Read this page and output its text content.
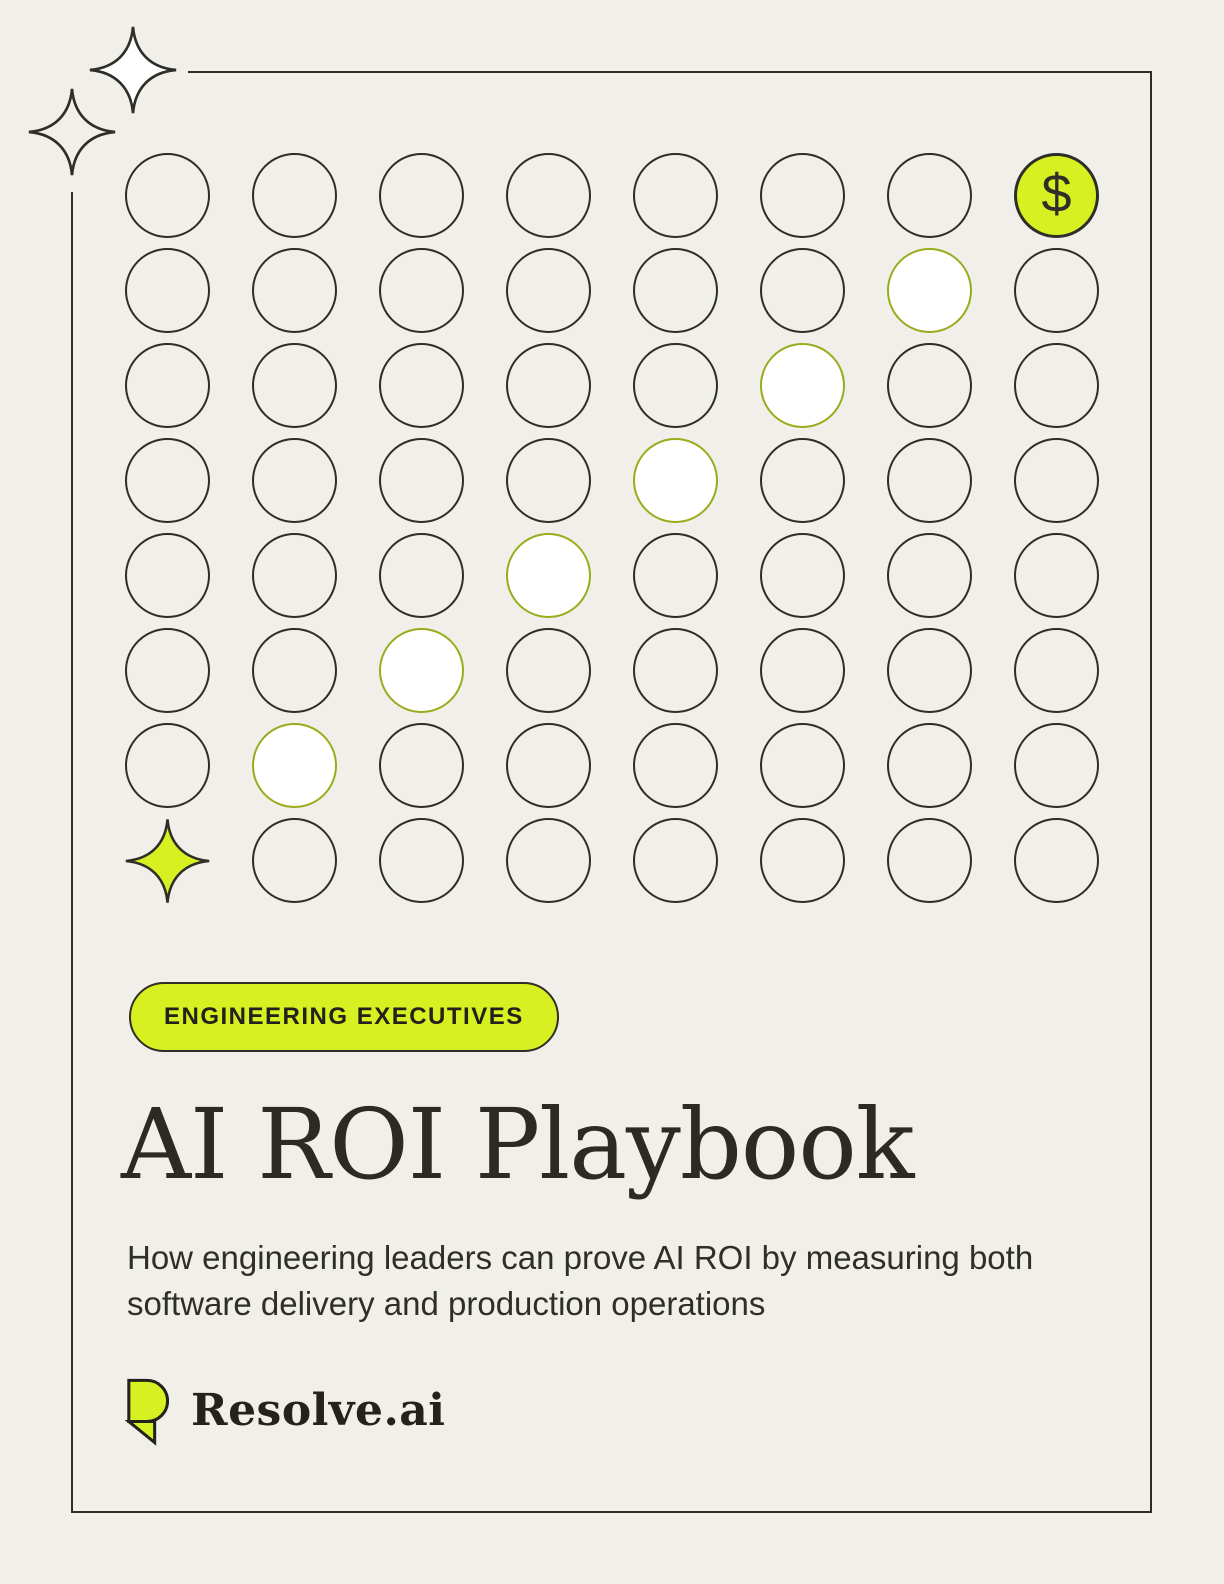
$
ENGINEERING EXECUTIVES
AI ROI Playbook

How engineering leaders can prove AI ROI by measuring both software delivery and production operations

Resolve.ai
